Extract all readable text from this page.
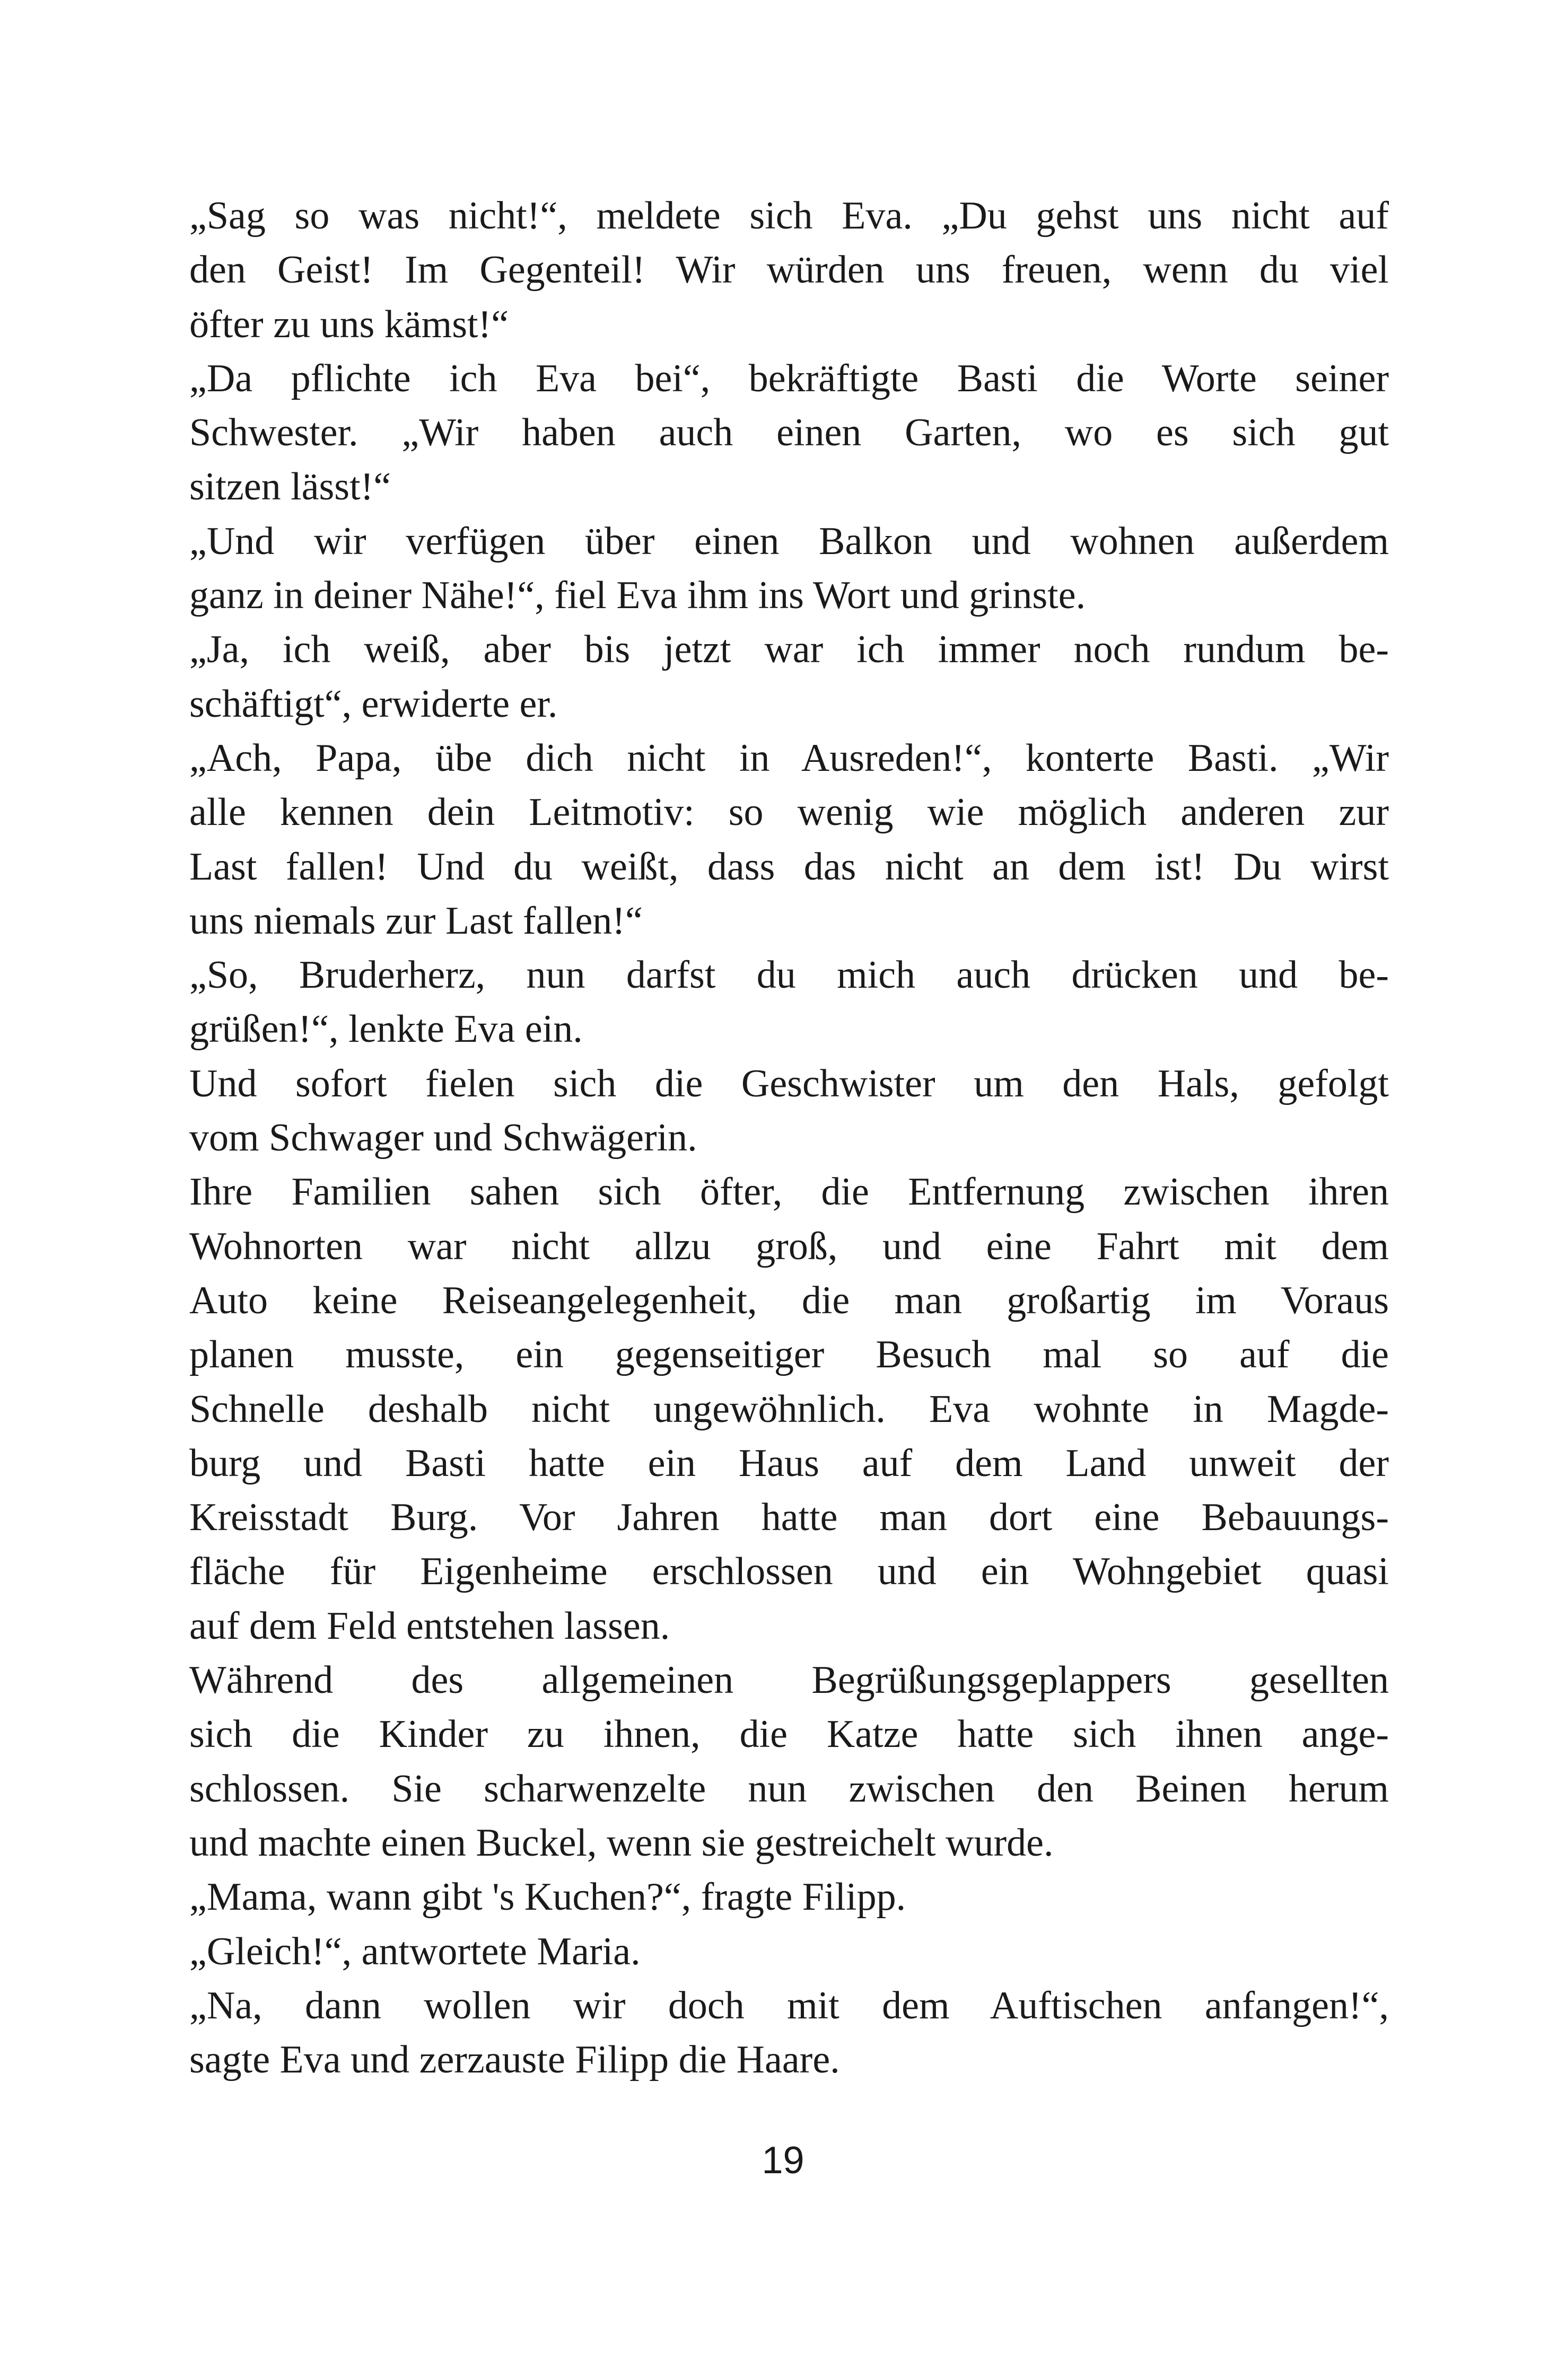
„Sag so was nicht!“, meldete sich Eva. „Du gehst uns nicht auf
den Geist! Im Gegenteil! Wir würden uns freuen, wenn du viel
öfter zu uns kämst!“
„Da pflichte ich Eva bei“, bekräftigte Basti die Worte seiner
Schwester. „Wir haben auch einen Garten, wo es sich gut
sitzen lässt!“
„Und wir verfügen über einen Balkon und wohnen außerdem
ganz in deiner Nähe!“, fiel Eva ihm ins Wort und grinste.
„Ja, ich weiß, aber bis jetzt war ich immer noch rundum be-
schäftigt“, erwiderte er.
„Ach, Papa, übe dich nicht in Ausreden!“, konterte Basti. „Wir
alle kennen dein Leitmotiv: so wenig wie möglich anderen zur
Last fallen! Und du weißt, dass das nicht an dem ist! Du wirst
uns niemals zur Last fallen!“
„So, Bruderherz, nun darfst du mich auch drücken und be-
grüßen!“, lenkte Eva ein.
Und sofort fielen sich die Geschwister um den Hals, gefolgt
vom Schwager und Schwägerin.
Ihre Familien sahen sich öfter, die Entfernung zwischen ihren
Wohnorten war nicht allzu groß, und eine Fahrt mit dem
Auto keine Reiseangelegenheit, die man großartig im Voraus
planen musste, ein gegenseitiger Besuch mal so auf die
Schnelle deshalb nicht ungewöhnlich. Eva wohnte in Magde-
burg und Basti hatte ein Haus auf dem Land unweit der
Kreisstadt Burg. Vor Jahren hatte man dort eine Bebauungs-
fläche für Eigenheime erschlossen und ein Wohngebiet quasi
auf dem Feld entstehen lassen.
Während des allgemeinen Begrüßungsgeplappers gesellten
sich die Kinder zu ihnen, die Katze hatte sich ihnen ange-
schlossen. Sie scharwenzelte nun zwischen den Beinen herum
und machte einen Buckel, wenn sie gestreichelt wurde.
„Mama, wann gibt 's Kuchen?“, fragte Filipp.
„Gleich!“, antwortete Maria.
„Na, dann wollen wir doch mit dem Auftischen anfangen!“,
sagte Eva und zerzauste Filipp die Haare.
19
